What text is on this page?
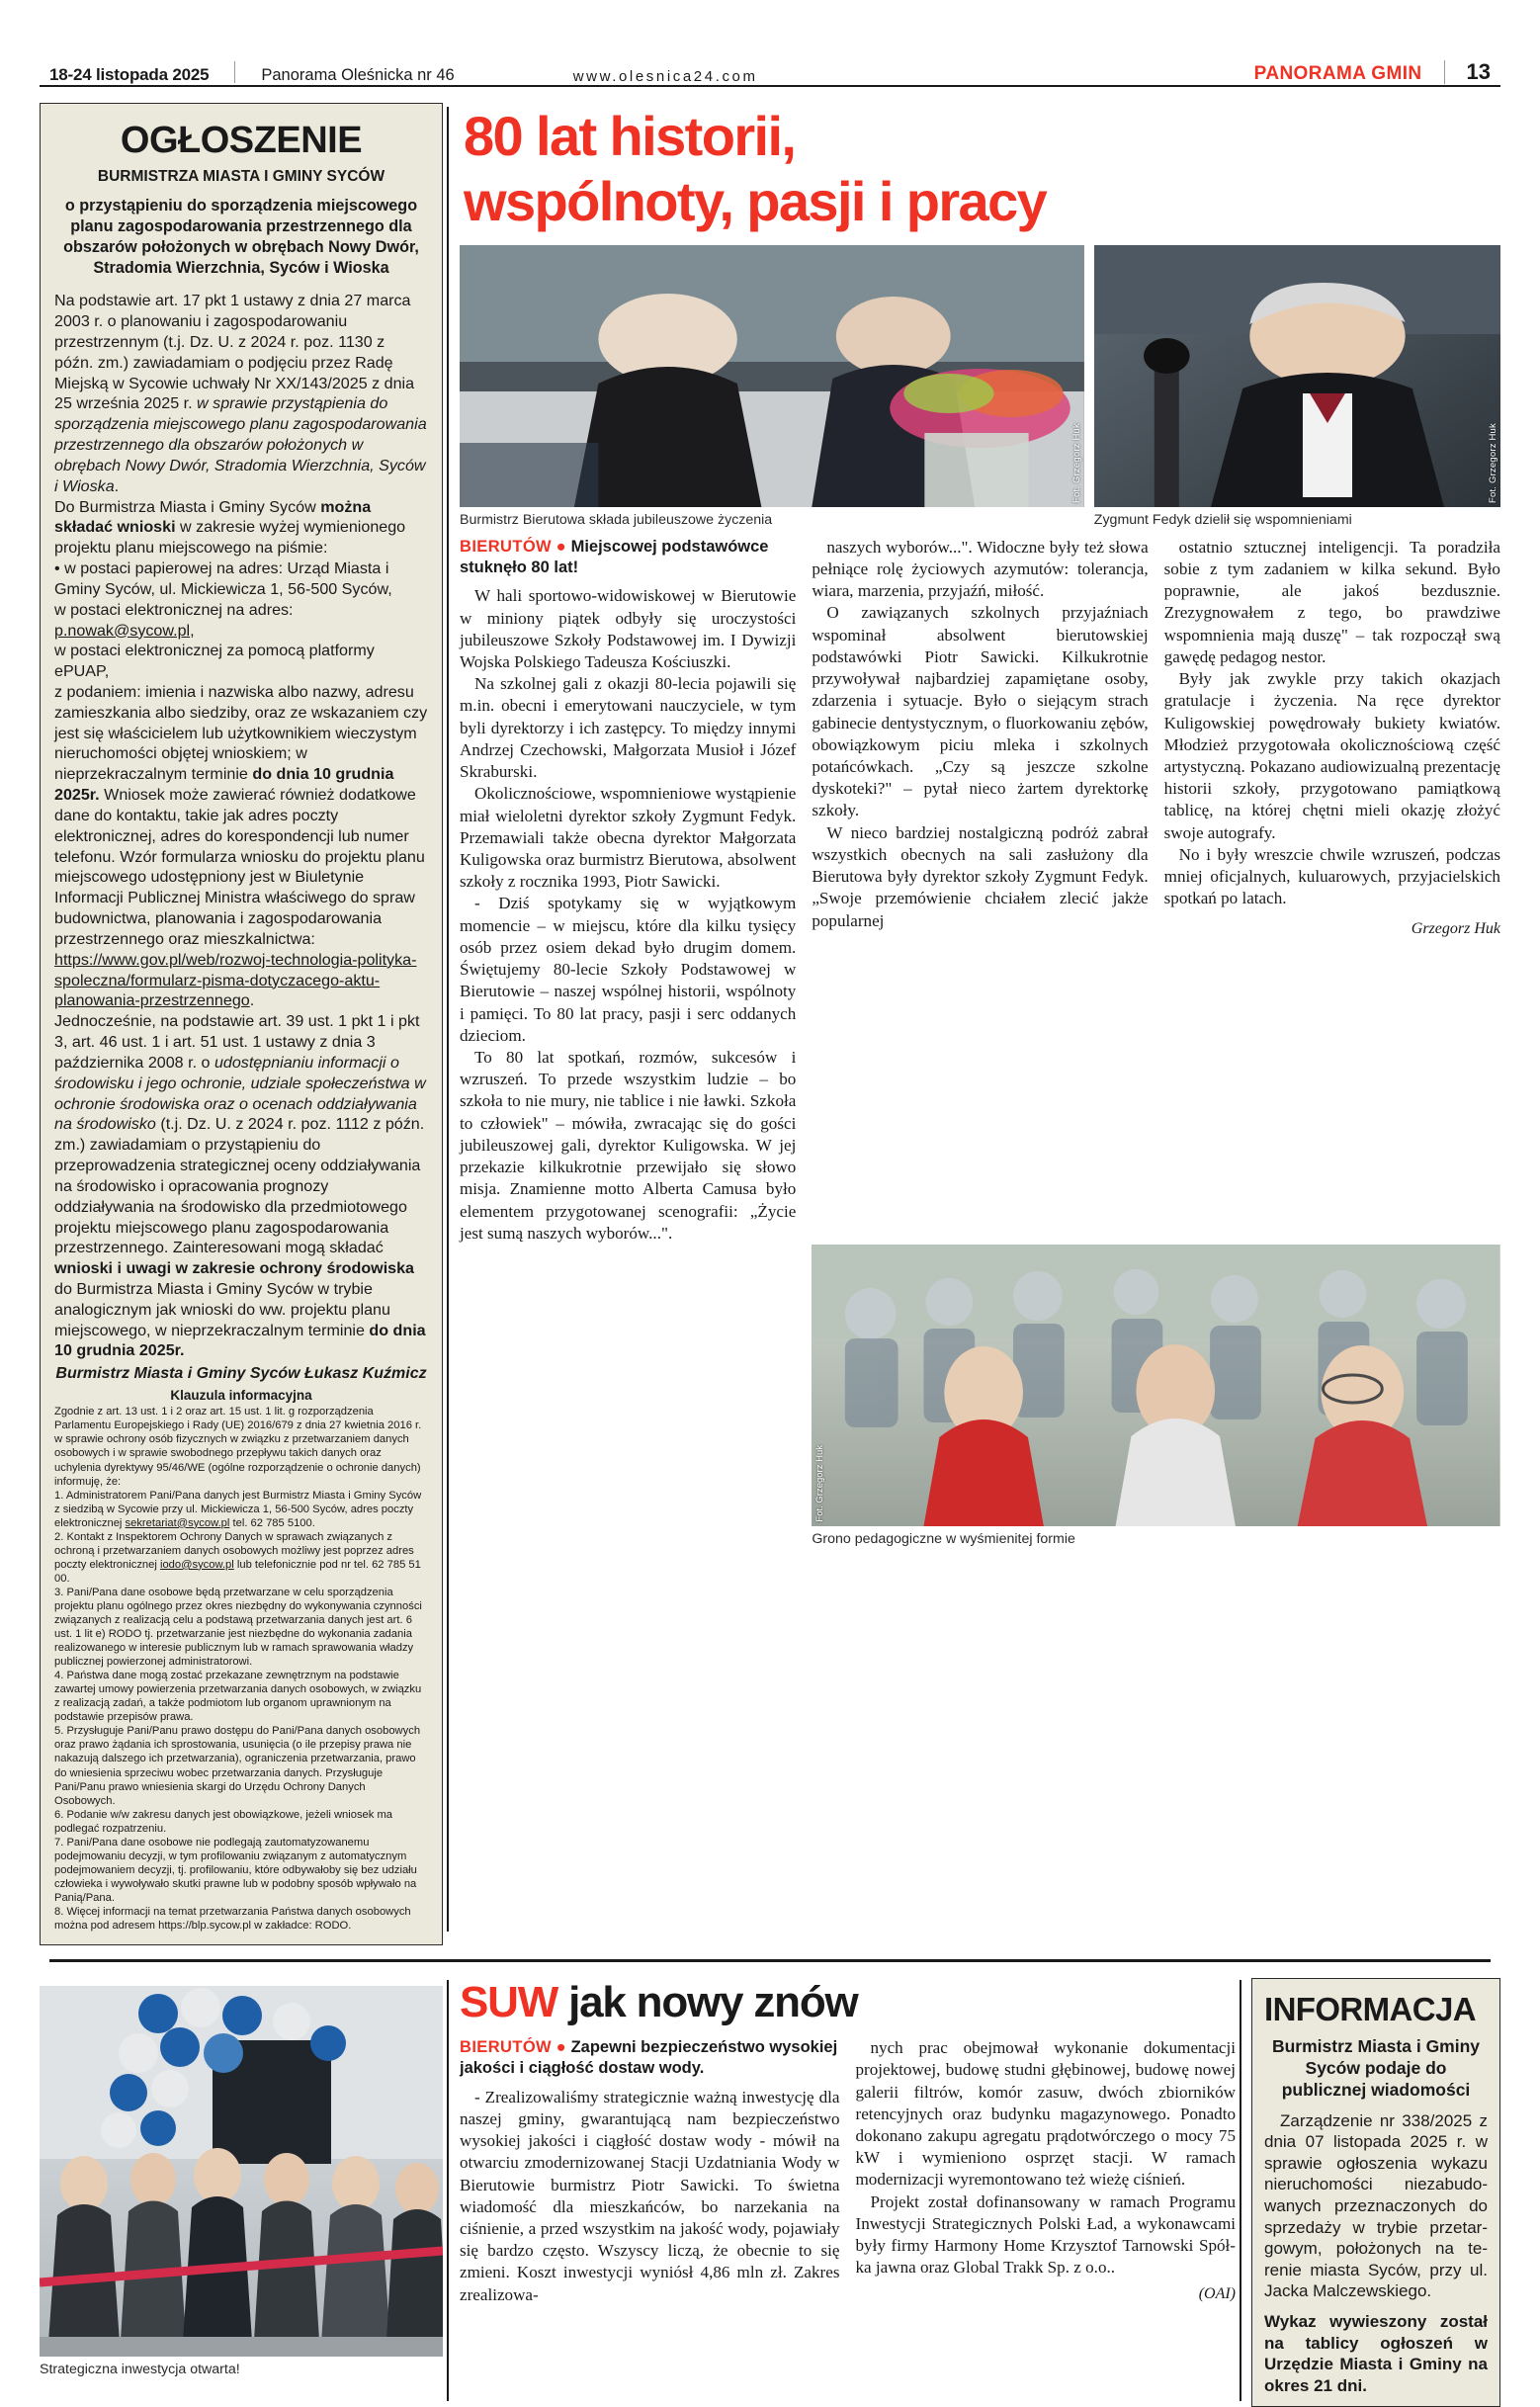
18-24 listopada 2025	Panorama Oleśnicka nr 46	www.olesnica24.com	PANORAMA GMIN 13
OGŁOSZENIE
BURMISTRZA MIASTA I GMINY SYCÓW
o przystąpieniu do sporządzenia miejscowego planu zagospodarowania przestrzennego dla obszarów położonych w obrębach Nowy Dwór, Stradomia Wierzchnia, Syców i Wioska

Na podstawie art. 17 pkt 1 ustawy z dnia 27 marca 2003 r. o planowaniu i zagospodarowaniu przestrzennym (t.j. Dz. U. z 2024 r. poz. 1130 z późn. zm.) zawiadamiam o podjęciu przez Radę Miejską w Sycowie uchwały Nr XX/143/2025 z dnia 25 września 2025 r. w sprawie przystąpienia do sporządzenia miejscowego planu zagospodarowania przestrzennego dla obszarów położonych w obrębach Nowy Dwór, Stradomia Wierzchnia, Syców i Wioska.

Do Burmistrza Miasta i Gminy Syców można składać wnioski w zakresie wyżej wymienionego projektu planu miejscowego na piśmie:

• w postaci papierowej na adres: Urząd Miasta i Gminy Syców, ul. Mickiewicza 1, 56-500 Syców,

w postaci elektronicznej na adres: p.nowak@sycow.pl,

w postaci elektronicznej za pomocą platformy ePUAP,

z podaniem: imienia i nazwiska albo nazwy, adresu zamieszkania albo siedziby, oraz ze wskazaniem czy jest się właścicielem lub użytkownikiem wieczystym nieruchomości objętej wnioskiem; w nieprzekraczalnym terminie do dnia 10 grudnia 2025r. Wniosek może zawierać również dodatkowe dane do kontaktu, takie jak adres poczty elektronicznej, adres do korespondencji lub numer telefonu. Wzór formularza wniosku do projektu planu miejscowego udostępniony jest w Biuletynie Informacji Publicznej Ministra właściwego do spraw budownictwa, planowania i zagospodarowania przestrzennego oraz mieszkalnictwa: https://www.gov.pl/web/rozwoj-technologia-polityka-spoleczna/formularz-pisma-dotyczacego-aktu-planowania-przestrzennego.

Jednocześnie, na podstawie art. 39 ust. 1 pkt 1 i pkt 3, art. 46 ust. 1 i art. 51 ust. 1 ustawy z dnia 3 października 2008 r. o udostępnianiu informacji o środowisku i jego ochronie, udziale społeczeństwa w ochronie środowiska oraz o ocenach oddziaływania na środowisko (t.j. Dz. U. z 2024 r. poz. 1112 z późn. zm.) zawiadamiam o przystąpieniu do przeprowadzenia strategicznej oceny oddziaływania na środowisko i opracowania prognozy oddziaływania na środowisko dla przedmiotowego projektu miejscowego planu zagospodarowania przestrzennego. Zainteresowani mogą składać wnioski i uwagi w zakresie ochrony środowiska do Burmistrza Miasta i Gminy Syców w trybie analogicznym jak wnioski do ww. projektu planu miejscowego, w nieprzekraczalnym terminie do dnia 10 grudnia 2025r.

Burmistrz Miasta i Gminy Syców Łukasz Kuźmicz
Klauzula informacyjna

Zgodnie z art. 13 ust. 1 i 2 oraz art. 15 ust. 1 lit. g rozporządzenia Parlamentu Europejskiego i Rady (UE) 2016/679 z dnia 27 kwietnia 2016 r. w sprawie ochrony osób fizycznych w związku z przetwarzaniem danych osobowych i w sprawie swobodnego przepływu takich danych oraz uchylenia dyrektywy 95/46/WE (ogólne rozporządzenie o ochronie danych) informuję, że:

1. Administratorem Pani/Pana danych jest Burmistrz Miasta i Gminy Syców z siedzibą w Sycowie przy ul. Mickiewicza 1, 56-500 Syców, adres poczty elektronicznej sekretariat@sycow.pl tel. 62 785 5100.

2. Kontakt z Inspektorem Ochrony Danych w sprawach związanych z ochroną i przetwarzaniem danych osobowych możliwy jest poprzez adres poczty elektronicznej iodo@sycow.pl lub telefonicznie pod nr tel. 62 785 51 00.

3. Pani/Pana dane osobowe będą przetwarzane w celu sporządzenia projektu planu ogólnego przez okres niezbędny do wykonywania czynności związanych z realizacją celu a podstawą przetwarzania danych jest art. 6 ust. 1 lit e) RODO tj. przetwarzanie jest niezbędne do wykonania zadania realizowanego w interesie publicznym lub w ramach sprawowania władzy publicznej powierzonej administratorowi.

4. Państwa dane mogą zostać przekazane zewnętrznym na podstawie zawartej umowy powierzenia przetwarzania danych osobowych, w związku z realizacją zadań, a także podmiotom lub organom uprawnionym na podstawie przepisów prawa.

5. Przysługuje Pani/Panu prawo dostępu do Pani/Pana danych osobowych oraz prawo żądania ich sprostowania, usunięcia (o ile przepisy prawa nie nakazują dalszego ich przetwarzania), ograniczenia przetwarzania, prawo do wniesienia sprzeciwu wobec przetwarzania danych. Przysługuje Pani/Panu prawo wniesienia skargi do Urzędu Ochrony Danych Osobowych.

6. Podanie w/w zakresu danych jest obowiązkowe, jeżeli wniosek ma podlegać rozpatrzeniu.

7. Pani/Pana dane osobowe nie podlegają zautomatyzowanemu podejmowaniu decyzji, w tym profilowaniu związanym z automatycznym podejmowaniem decyzji, tj. profilowaniu, które odbywałoby się bez udziału człowieka i wywoływało skutki prawne lub w podobny sposób wpływało na Panią/Pana.

8. Więcej informacji na temat przetwarzania Państwa danych osobowych można pod adresem https://blp.sycow.pl w zakładce: RODO.

80 lat historii,
wspólnoty, pasji i pracy
Fot. Grzegorz Huk	Fot. Grzegorz Huk
Burmistrz Bierutowa składa jubileuszowe życzenia	Zygmunt Fedyk dzielił się wspomnieniami
BIERUTÓW ● Miejscowej podstawówce stuknęło 80 lat!

W hali sportowo-widowiskowej w Bierutowie w miniony piątek odbyły się uroczystości jubileuszowe Szkoły Podstawowej im. I Dywizji Wojska Polskiego Tadeusza Kościuszki.

Na szkolnej gali z okazji 80-lecia pojawili się m.in. obecni i emerytowani nauczyciele, w tym byli dyrektorzy i ich zastępcy. To między innymi Andrzej Czechowski, Małgorzata Musioł i Józef Skraburski.

Okolicznościowe, wspomnieniowe wystąpienie miał wieloletni dyrektor szkoły Zygmunt Fedyk. Przemawiali także obecna dyrektor Małgorzata Kuligowska oraz burmistrz Bierutowa, absolwent szkoły z rocznika 1993, Piotr Sawicki.

- Dziś spotykamy się w wyjątkowym momencie – w miejscu, które dla kilku tysięcy osób przez osiem dekad było drugim domem. Świętujemy 80-lecie Szkoły Podstawowej w Bierutowie – naszej wspólnej historii, wspólnoty i pamięci. To 80 lat pracy, pasji i serc oddanych dzieciom.

To 80 lat spotkań, rozmów, sukcesów i wzruszeń. To przede wszystkim ludzie – bo szkoła to nie mury, nie tablice i nie ławki. Szkoła to człowiek" – mówiła, zwracając się do gości jubileuszowej gali, dyrektor Kuligowska. W jej przekazie kilkukrotnie przewijało się słowo misja. Znamienne motto Alberta Camusa było elementem przygotowanej scenografii: „Życie jest sumą naszych wyborów...".

naszych wyborów...". Widoczne były też słowa pełniące rolę życiowych azymutów: tolerancja, wiara, marzenia, przyjaźń, miłość.

O zawiązanych szkolnych przyjaźniach wspominał absolwent bierutowskiej podstawówki Piotr Sawicki. Kilkukrotnie przywoływał najbardziej zapamiętane osoby, zdarzenia i sytuacje. Było o siejącym strach gabinecie dentystycznym, o fluorkowaniu zębów, obowiązkowym piciu mleka i szkolnych potańcówkach. „Czy są jeszcze szkolne dyskoteki?" – pytał nieco żartem dyrektorkę szkoły.

W nieco bardziej nostalgiczną podróż zabrał wszystkich obecnych na sali zasłużony dla Bierutowa były dyrektor szkoły Zygmunt Fedyk. „Swoje przemówienie chciałem zlecić jakże popularnej

ostatnio sztucznej inteligencji. Ta poradziła sobie z tym zadaniem w kilka sekund. Było poprawnie, ale jakoś bezdusznie. Zrezygnowałem z tego, bo prawdziwe wspomnienia mają duszę" – tak rozpoczął swą gawędę pedagog nestor.

Były jak zwykle przy takich okazjach gratulacje i życzenia. Na ręce dyrektor Kuligowskiej powędrowały bukiety kwiatów. Młodzież przygotowała okolicznościową część artystyczną. Pokazano audiowizualną prezentację historii szkoły, przygotowano pamiątkową tablicę, na której chętni mieli okazję złożyć swoje autografy.

No i były wreszcie chwile wzruszeń, podczas mniej oficjalnych, kuluarowych, przyjacielskich spotkań po latach.

Grzegorz Huk
Fot. Grzegorz Huk
Grono pedagogiczne w wyśmienitej formie
Strategiczna inwestycja otwarta!
SUW jak nowy znów
BIERUTÓW ● Zapewni bezpieczeństwo wysokiej jakości i ciągłość dostaw wody.

- Zrealizowaliśmy strategicznie ważną inwestycję dla naszej gminy, gwarantującą nam bezpieczeństwo wysokiej jakości i ciągłość dostaw wody - mówił na otwarciu zmodernizowanej Stacji Uzdatniania Wody w Bierutowie burmistrz Piotr Sawicki. To świetna wiadomość dla mieszkańców, bo narzekania na ciśnienie, a przed wszystkim na jakość wody, pojawiały się bardzo często. Wszyscy liczą, że obecnie to się zmieni. Koszt inwestycji wyniósł 4,86 mln zł. Zakres zrealizowa-

nych prac obejmował wykonanie dokumentacji projektowej, budowę studni głębinowej, budowę nowej galerii filtrów, komór zasuw, dwóch zbiorników retencyjnych oraz budynku magazynowego. Ponadto dokonano zakupu agregatu prądotwórczego o mocy 75 kW i wymieniono osprzęt stacji. W ramach modernizacji wyremontowano też wieżę ciśnień.

Projekt został dofinansowany w ramach Programu Inwestycji Strategicznych Polski Ład, a wykonawcami były firmy Harmony Home Krzysztof Tarnowski Spółka jawna oraz Global Trakk Sp. z o.o..

(OAI)
INFORMACJA
Burmistrz Miasta i Gminy Syców podaje do publicznej wiadomości

Zarządzenie nr 338/2025 z dnia 07 listopada 2025 r. w sprawie ogłoszenia wykazu nieruchomości niezabudowanych przeznaczonych do sprzedaży w trybie przetargowym, położonych na terenie miasta Syców, przy ul. Jacka Malczewskiego.

Wykaz wywieszony został na tablicy ogłoszeń w Urzędzie Miasta i Gminy na okres 21 dni.
